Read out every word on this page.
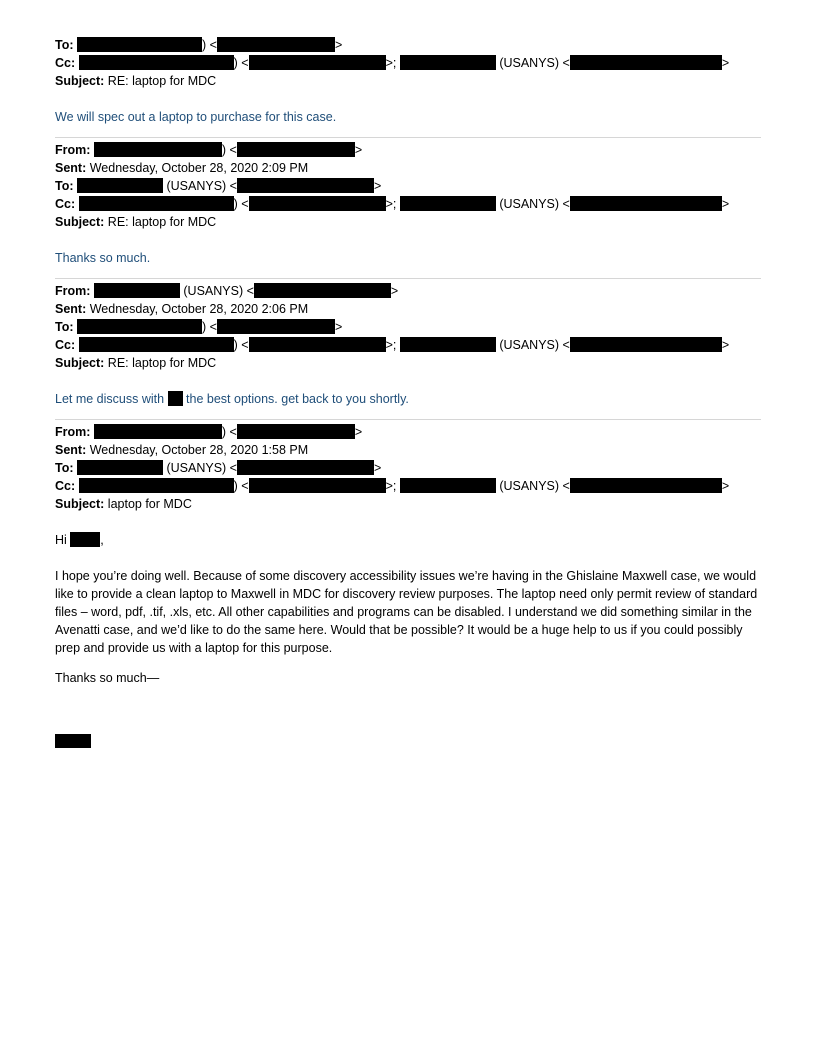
To:	) <	>
Cc:	) <	>;	(USANYS) <	>
Subject: RE: laptop for MDC
We will spec out a laptop to purchase for this case.
From:	) <	>
Sent: Wednesday, October 28, 2020 2:09 PM
To:	(USANYS) <	>
Cc:	) <	>;	(USANYS) <	>
Subject: RE: laptop for MDC
Thanks so much.
From:	(USANYS) <	>
Sent: Wednesday, October 28, 2020 2:06 PM
To:	) <	>
Cc:	) <	>;	(USANYS) <	>
Subject: RE: laptop for MDC
Let me discuss with the best options. get back to you shortly.
From:	) <	>
Sent: Wednesday, October 28, 2020 1:58 PM
To:	(USANYS) <	>
Cc:	) <	>;	(USANYS) <	>
Subject: laptop for MDC
Hi	,
I hope you’re doing well. Because of some discovery accessibility issues we’re having in the Ghislaine Maxwell case, we would like to provide a clean laptop to Maxwell in MDC for discovery review purposes. The laptop need only permit review of standard files – word, pdf, .tif, .xls, etc. All other capabilities and programs can be disabled. I understand we did something similar in the Avenatti case, and we’d like to do the same here. Would that be possible? It would be a huge help to us if you could possibly prep and provide us with a laptop for this purpose.
Thanks so much—
